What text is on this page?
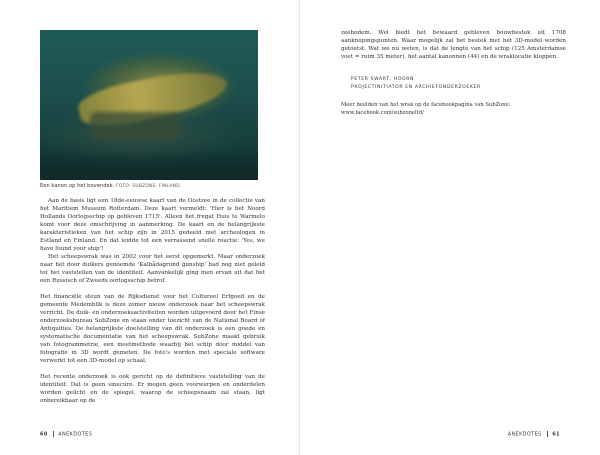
Een kanon op het bovendek. FOTO: SUBZONE, FINLAND.

Aan de basis ligt een 18de-eeuwse kaart van de Oostzee in de collectie van het Maritiem Museum Rotterdam. Deze kaart vermeldt: 'Hier is het Noord Hollands Oorlogsschip op gebleven 1715'. Alleen het fregat Huis te Warmelo komt voor deze omschrijving in aanmerking. De kaart en de belangrijkste karakteristieken van het schip zijn in 2015 gedeeld met archeologen in Estland en Finland. En dat leidde tot een verrassend snelle reactie: 'Yes, we have found your ship'!

Het scheepswrak was in 2002 voor het eerst opgemerkt. Maar onderzoek naar het door duikers genoemde 'Kalbådagrund gunship' had nog niet geleid tot het vaststellen van de identiteit. Aanvankelijk ging men ervan uit dat het een Russisch of Zweeds oorlogsschip betrof.

Het financiële steun van de Rijksdienst voor het Cultureel Erfgoed en de gemeente Medemblik is deze zomer nieuw onderzoek naar het scheepswrak verricht. De duik- en onderzoeksactiviteiten worden uitgevoerd door het Finse onderzoeksbureau SubZone en staan onder toezicht van de National Board of Antiquities. De belangrijkste doelstelling van dit onderzoek is een goede en systematische documentatie van het scheepswrak. SubZone maakt gebruik van fotogrammetrie, een meetmethode waarbij het schip door middel van fotografie in 3D wordt gemeten. De foto's worden met speciale software verwerkt tot een 3D-model op schaal.

Het recente onderzoek is ook gericht op de definitieve vaststelling van de identiteit. Dat is geen sinecure. Er mogen geen voorwerpen en onderdelen worden gelicht en de spiegel, waarop de scheepsnaam zal staan, ligt onbereikbaar op de

zeebodem. Wel biedt het bewaard gebleven bouwbestek uit 1708 aanknopingspunten. Waar mogelijk zal het bestek met het 3D-model worden getoetst. Wat we nu weten, is dat de lengte van het schip (125 Amsterdamse voet = ruim 35 meter), het aantal kanonnen (44) en de wraklocatie kloppen.

PETER SWART, HOORN
PROJECTINITIATOR EN ARCHIEFONDERZOEKER
Meer beelden van het wrak op de facebookpagina van SubZone:
www.facebook.com/subzoneltd/
60 ANEKDOTES	ANEKDOTES 61
